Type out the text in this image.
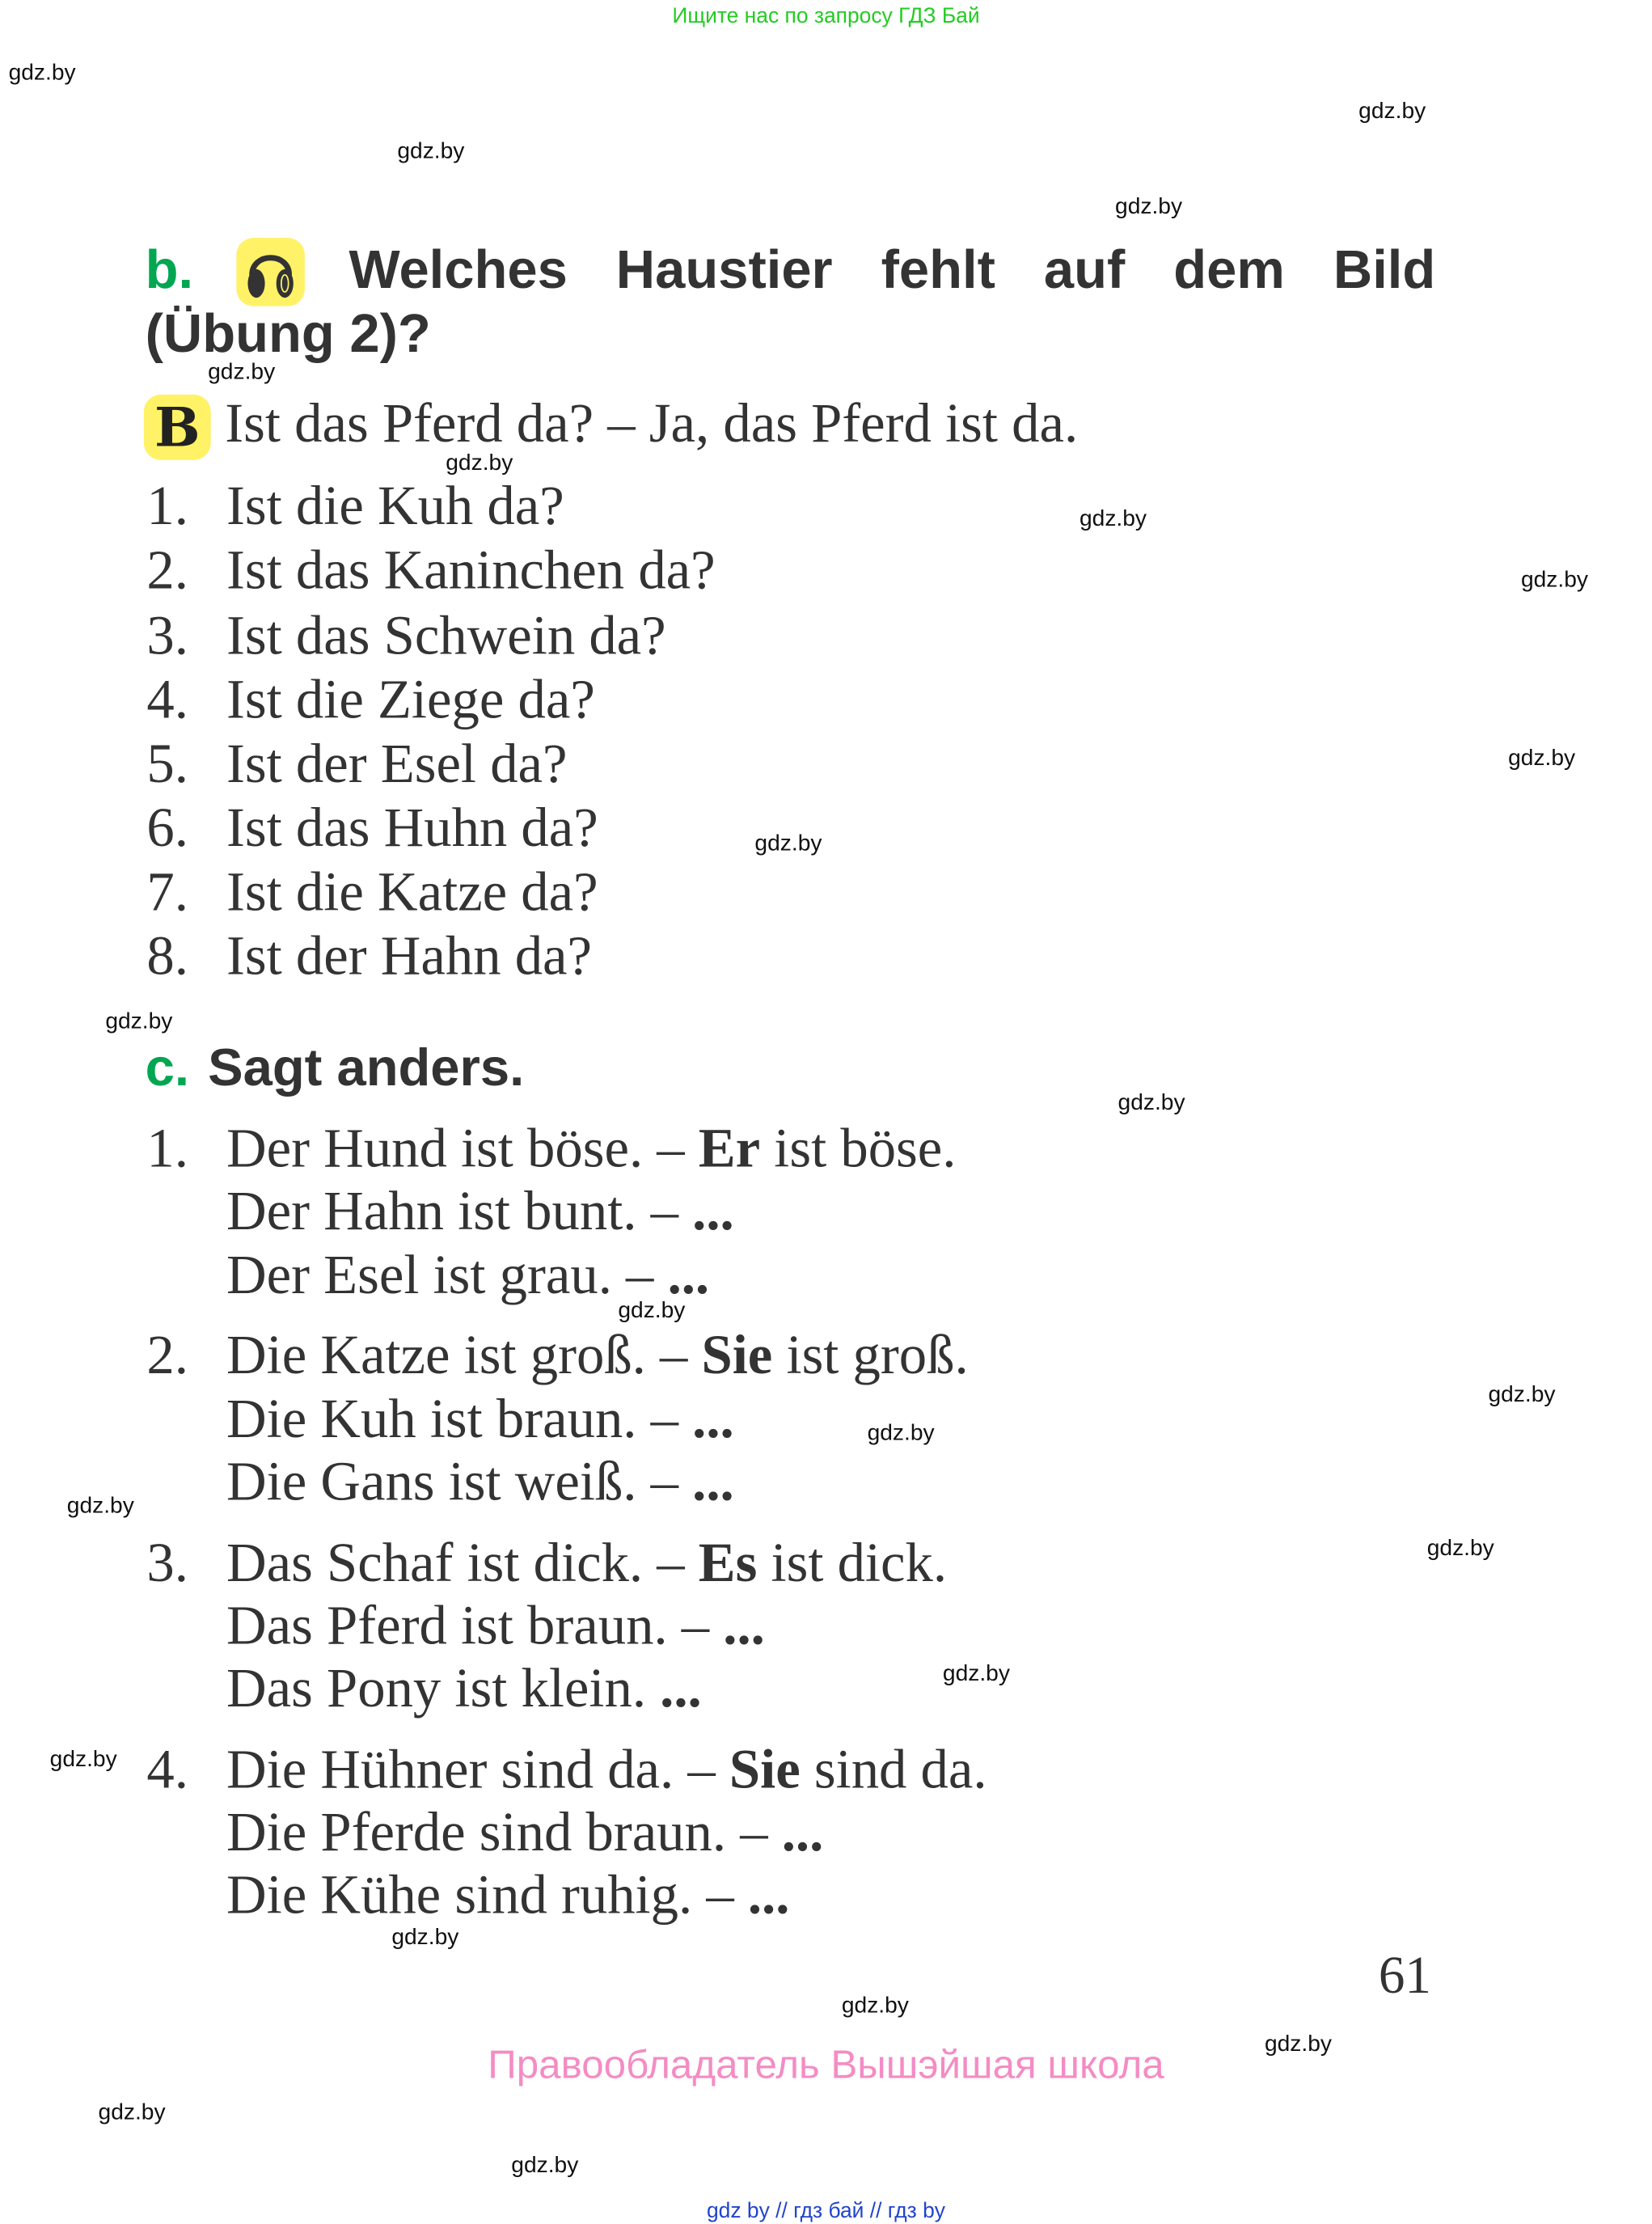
Ищите нас по запросу ГДЗ Бай
gdz.by
gdz.by
gdz.by
gdz.by
gdz.by
gdz.by
gdz.by
gdz.by
gdz.by
gdz.by
gdz.by
gdz.by
gdz.by
gdz.by
gdz.by
gdz.by
gdz.by
gdz.by
gdz.by
gdz.by
gdz.by
gdz.by
gdz.by
gdz.by
b.	Welches Haustier fehlt auf dem Bild
(Übung 2)?
B Ist das Pferd da? – Ja, das Pferd ist da.
1. Ist die Kuh da?
2. Ist das Kaninchen da?
3. Ist das Schwein da?
4. Ist die Ziege da?
5. Ist der Esel da?
6. Ist das Huhn da?
7. Ist die Katze da?
8. Ist der Hahn da?
c. Sagt anders.
1. Der Hund ist böse. – Er ist böse.
Der Hahn ist bunt. – ...
Der Esel ist grau. – ...
2. Die Katze ist groß. – Sie ist groß.
Die Kuh ist braun. – ...
Die Gans ist weiß. – ...
3. Das Schaf ist dick. – Es ist dick.
Das Pferd ist braun. – ...
Das Pony ist klein. ...
4. Die Hühner sind da. – Sie sind da.
Die Pferde sind braun. – ...
Die Kühe sind ruhig. – ...
61
Правообладатель Вышэйшая школа
gdz by // гдз бай // гдз by
